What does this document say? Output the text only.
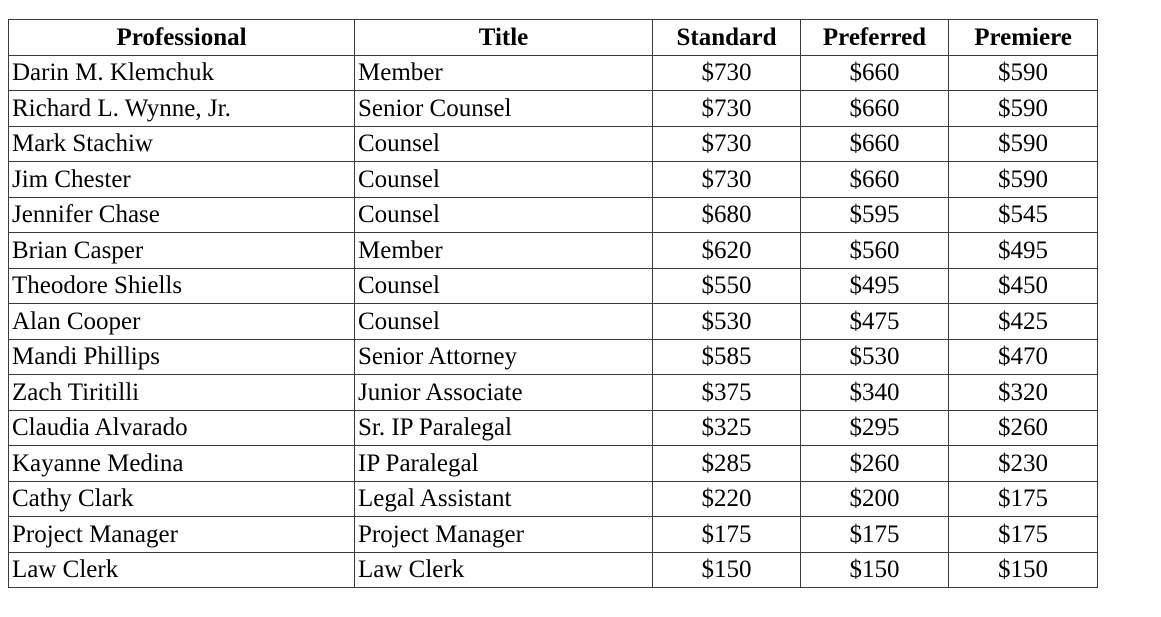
Professional	Title	Standard	Preferred	Premiere
Darin M. Klemchuk	Member	$730	$660	$590
Richard L. Wynne, Jr.	Senior Counsel	$730	$660	$590
Mark Stachiw	Counsel	$730	$660	$590
Jim Chester	Counsel	$730	$660	$590
Jennifer Chase	Counsel	$680	$595	$545
Brian Casper	Member	$620	$560	$495
Theodore Shiells	Counsel	$550	$495	$450
Alan Cooper	Counsel	$530	$475	$425
Mandi Phillips	Senior Attorney	$585	$530	$470
Zach Tiritilli	Junior Associate	$375	$340	$320
Claudia Alvarado	Sr. IP Paralegal	$325	$295	$260
Kayanne Medina	IP Paralegal	$285	$260	$230
Cathy Clark	Legal Assistant	$220	$200	$175
Project Manager	Project Manager	$175	$175	$175
Law Clerk	Law Clerk	$150	$150	$150
